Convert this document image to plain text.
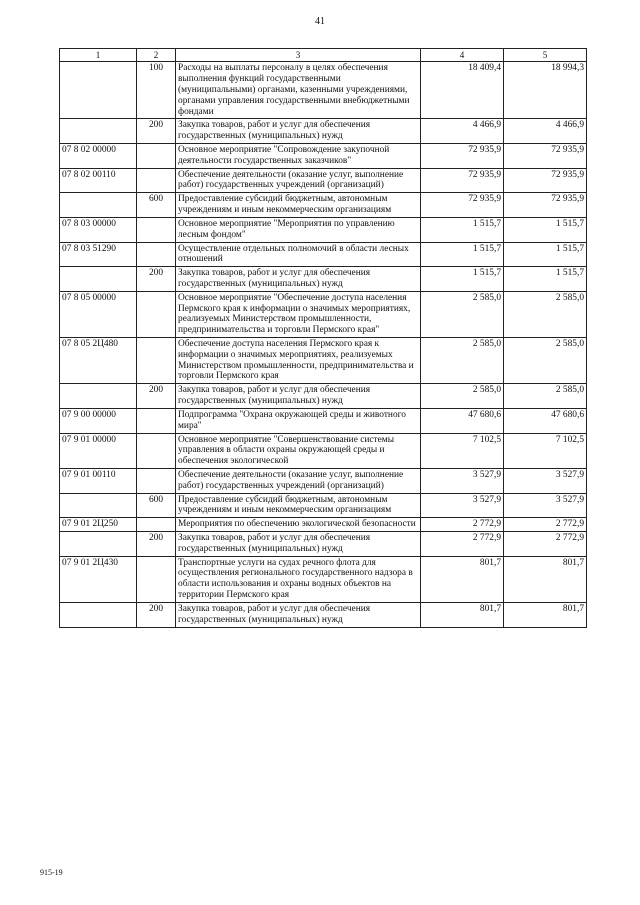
41
1	2	3	4	5
	100	Расходы на выплаты персоналу в целях обеспечения выполнения функций государственными (муниципальными) органами, казенными учреждениями, органами управления государственными внебюджетными фондами	18 409,4	18 994,3
	200	Закупка товаров, работ и услуг для обеспечения государственных (муниципальных) нужд	4 466,9	4 466,9
07 8 02 00000		Основное мероприятие "Сопровождение закупочной деятельности государственных заказчиков"	72 935,9	72 935,9
07 8 02 00110		Обеспечение деятельности (оказание услуг, выполнение работ) государственных учреждений (организаций)	72 935,9	72 935,9
	600	Предоставление субсидий бюджетным, автономным учреждениям и иным некоммерческим организациям	72 935,9	72 935,9
07 8 03 00000		Основное мероприятие "Мероприятия по управлению лесным фондом"	1 515,7	1 515,7
07 8 03 51290		Осуществление отдельных полномочий в области лесных отношений	1 515,7	1 515,7
	200	Закупка товаров, работ и услуг для обеспечения государственных (муниципальных) нужд	1 515,7	1 515,7
07 8 05 00000		Основное мероприятие "Обеспечение доступа населения Пермского края к информации о значимых мероприятиях, реализуемых Министерством промышленности, предпринимательства и торговли Пермского края"	2 585,0	2 585,0
07 8 05 2Ц480		Обеспечение доступа населения Пермского края к информации о значимых мероприятиях, реализуемых Министерством промышленности, предпринимательства и торговли Пермского края	2 585,0	2 585,0
	200	Закупка товаров, работ и услуг для обеспечения государственных (муниципальных) нужд	2 585,0	2 585,0
07 9 00 00000		Подпрограмма "Охрана окружающей среды и животного мира"	47 680,6	47 680,6
07 9 01 00000		Основное мероприятие "Совершенствование системы управления в области охраны окружающей среды и обеспечения экологической	7 102,5	7 102,5
07 9 01 00110		Обеспечение деятельности (оказание услуг, выполнение работ) государственных учреждений (организаций)	3 527,9	3 527,9
	600	Предоставление субсидий бюджетным, автономным учреждениям и иным некоммерческим организациям	3 527,9	3 527,9
07 9 01 2Ц250		Мероприятия по обеспечению экологической безопасности	2 772,9	2 772,9
	200	Закупка товаров, работ и услуг для обеспечения государственных (муниципальных) нужд	2 772,9	2 772,9
07 9 01 2Ц430		Транспортные услуги на судах речного флота для осуществления регионального государственного надзора в области использования и охраны водных объектов на территории Пермского края	801,7	801,7
	200	Закупка товаров, работ и услуг для обеспечения государственных (муниципальных) нужд	801,7	801,7
915-19
